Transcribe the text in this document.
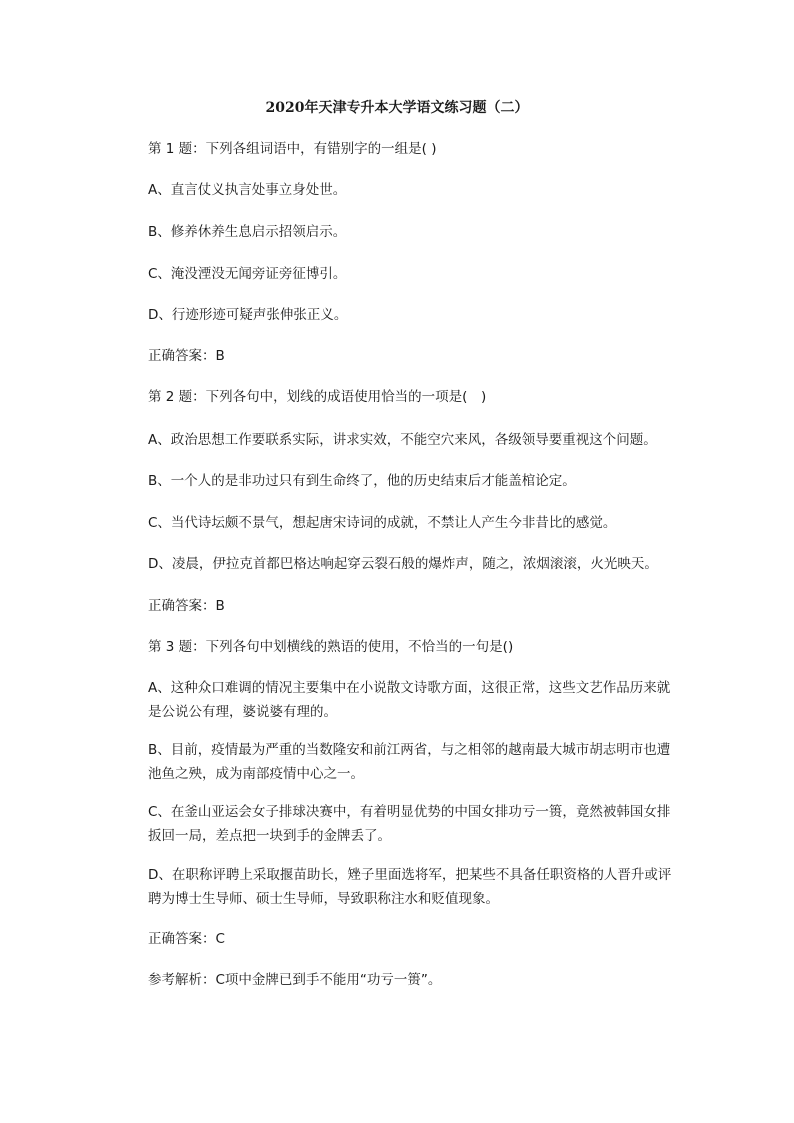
2020年天津专升本大学语文练习题（二）
第 1 题：下列各组词语中，有错别字的一组是( )
A、直言仗义执言处事立身处世。
B、修养休养生息启示招领启示。
C、淹没湮没无闻旁证旁征博引。
D、行迹形迹可疑声张伸张正义。
正确答案：B
第 2 题：下列各句中，划线的成语使用恰当的一项是(　)
A、政治思想工作要联系实际，讲求实效，不能空穴来风，各级领导要重视这个问题。
B、一个人的是非功过只有到生命终了，他的历史结束后才能盖棺论定。
C、当代诗坛颇不景气，想起唐宋诗词的成就，不禁让人产生今非昔比的感觉。
D、凌晨，伊拉克首都巴格达响起穿云裂石般的爆炸声，随之，浓烟滚滚，火光映天。
正确答案：B
第 3 题：下列各句中划横线的熟语的使用，不恰当的一句是()
A、这种众口难调的情况主要集中在小说散文诗歌方面，这很正常，这些文艺作品历来就是公说公有理，婆说婆有理的。
B、目前，疫情最为严重的当数隆安和前江两省，与之相邻的越南最大城市胡志明市也遭池鱼之殃，成为南部疫情中心之一。
C、在釜山亚运会女子排球决赛中，有着明显优势的中国女排功亏一篑，竟然被韩国女排扳回一局，差点把一块到手的金牌丢了。
D、在职称评聘上采取揠苗助长，矬子里面选将军，把某些不具备任职资格的人晋升或评聘为博士生导师、硕士生导师，导致职称注水和贬值现象。
正确答案：C
参考解析：C项中金牌已到手不能用“功亏一篑”。
